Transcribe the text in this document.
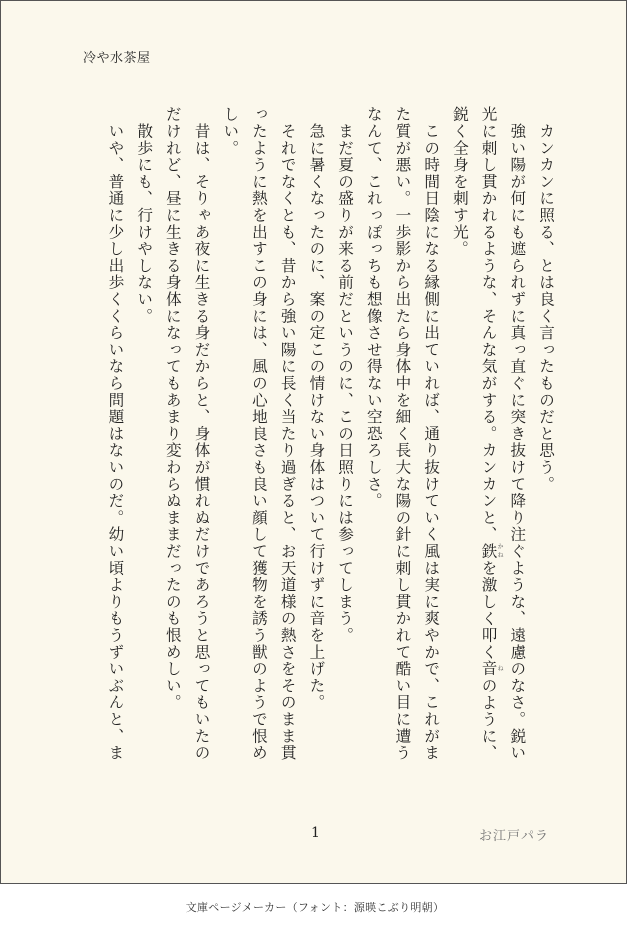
冷や水茶屋

　カンカンに照る、とは良く言ったものだと思う。

　強い陽が何にも遮られずに真っ直ぐに突き抜けて降り注ぐような、遠慮のなさ。鋭い

光に刺し貫かれるような、そんな気がする。カンカンと、鉄かねを激しく叩く音ねのように、

鋭く全身を刺す光。

　この時間日陰になる縁側に出ていれば、通り抜けていく風は実に爽やかで、これがま

た質が悪い。一歩影から出たら身体中を細く長大な陽の針に刺し貫かれて酷い目に遭う

なんて、これっぽっちも想像させ得ない空恐ろしさ。

　まだ夏の盛りが来る前だというのに、この日照りには参ってしまう。

　急に暑くなったのに、案の定この情けない身体はついて行けずに音を上げた。

　それでなくとも、昔から強い陽に長く当たり過ぎると、お天道様の熱さをそのまま貫

ったように熱を出すこの身には、風の心地良さも良い顔して獲物を誘う獣のようで恨め

しい。

　昔は、そりゃあ夜に生きる身だからと、身体が慣れぬだけであろうと思ってもいたの

だけれど、昼に生きる身体になってもあまり変わらぬままだったのも恨めしい。

　散歩にも、行けやしない。

　いや、普通に少し出歩くくらいなら問題はないのだ。幼い頃よりもうずいぶんと、ま

1	お江戸パラ
文庫ページメーカー（フォント：源暎こぶり明朝）
